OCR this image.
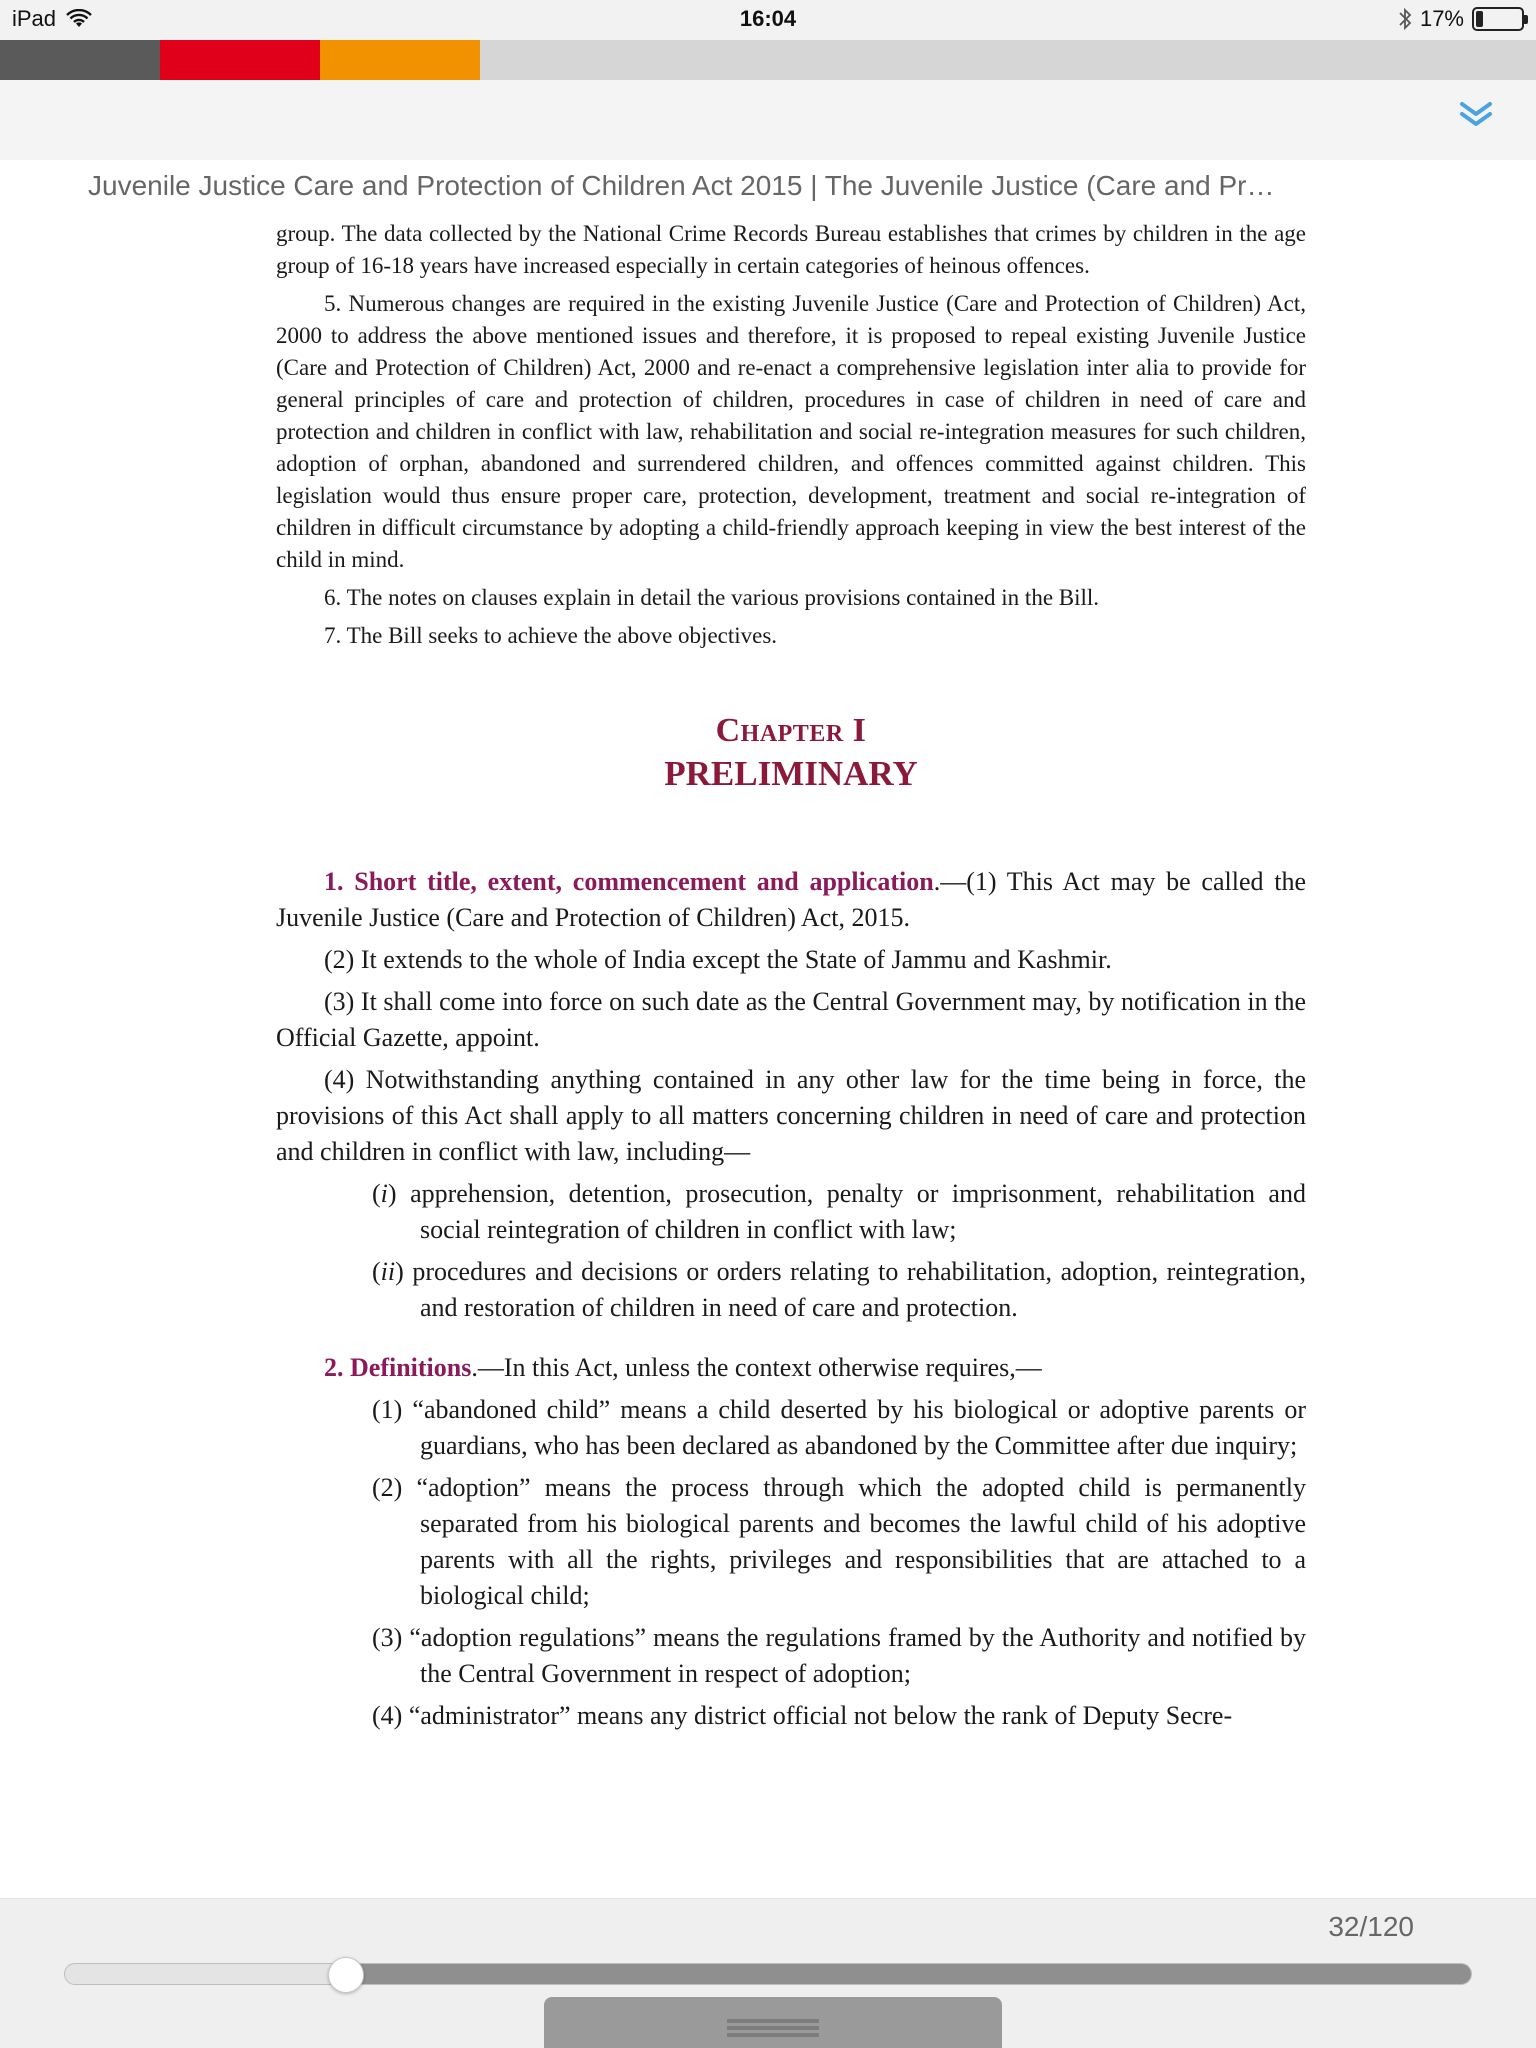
iPad	16:04	17%
Juvenile Justice Care and Protection of Children Act 2015 | The Juvenile Justice (Care and Pr…

group. The data collected by the National Crime Records Bureau establishes that crimes by children in the age group of 16-18 years have increased especially in certain categories of heinous offences.

5. Numerous changes are required in the existing Juvenile Justice (Care and Protection of Children) Act, 2000 to address the above mentioned issues and therefore, it is proposed to repeal existing Juvenile Justice (Care and Protection of Children) Act, 2000 and re-enact a comprehensive legislation inter alia to provide for general principles of care and protection of children, procedures in case of children in need of care and protection and children in conflict with law, rehabilitation and social re-integration measures for such children, adoption of orphan, abandoned and surrendered children, and offences committed against children. This legislation would thus ensure proper care, protection, development, treatment and social re-integration of children in difficult circumstance by adopting a child-friendly approach keeping in view the best interest of the child in mind.

6. The notes on clauses explain in detail the various provisions contained in the Bill.

7. The Bill seeks to achieve the above objectives.

Chapter I
PRELIMINARY

1. Short title, extent, commencement and application.—(1) This Act may be called the Juvenile Justice (Care and Protection of Children) Act, 2015.

(2) It extends to the whole of India except the State of Jammu and Kashmir.

(3) It shall come into force on such date as the Central Government may, by notification in the Official Gazette, appoint.

(4) Notwithstanding anything contained in any other law for the time being in force, the provisions of this Act shall apply to all matters concerning children in need of care and protection and children in conflict with law, including—

(i) apprehension, detention, prosecution, penalty or imprisonment, rehabilitation and social reintegration of children in conflict with law;

(ii) procedures and decisions or orders relating to rehabilitation, adoption, reintegration, and restoration of children in need of care and protection.

2. Definitions.—In this Act, unless the context otherwise requires,—

(1) “abandoned child” means a child deserted by his biological or adoptive parents or guardians, who has been declared as abandoned by the Committee after due inquiry;

(2) “adoption” means the process through which the adopted child is permanently separated from his biological parents and becomes the lawful child of his adoptive parents with all the rights, privileges and responsibilities that are attached to a biological child;

(3) “adoption regulations” means the regulations framed by the Authority and notified by the Central Government in respect of adoption;

(4) “administrator” means any district official not below the rank of Deputy Secre-

32/120
